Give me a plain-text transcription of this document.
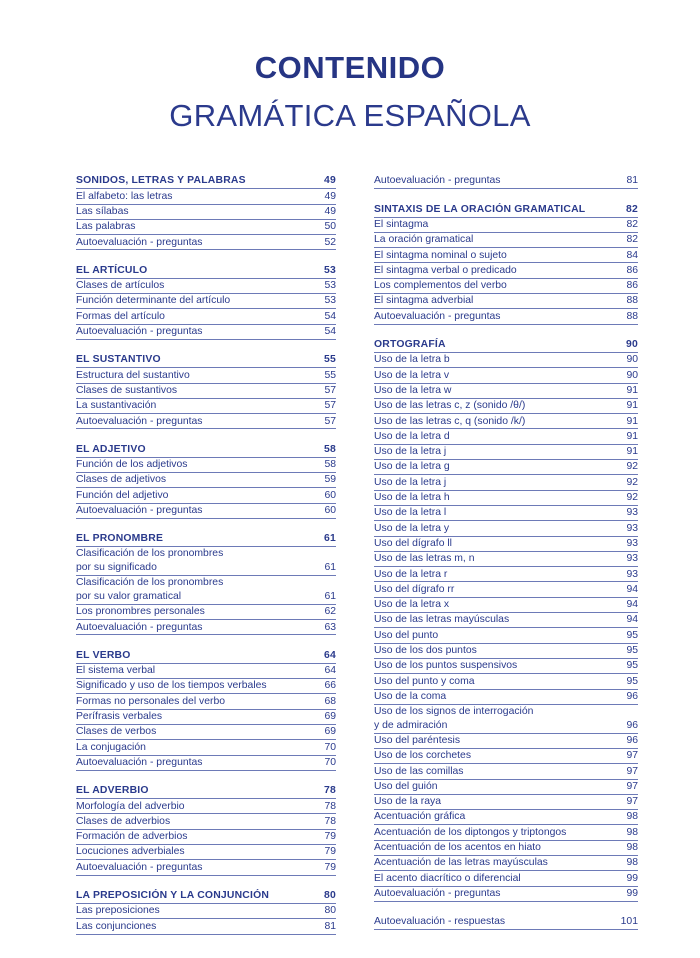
CONTENIDO
GRAMÁTICA ESPAÑOLA
SONIDOS, LETRAS Y PALABRAS	49
El alfabeto: las letras	49
Las sílabas	49
Las palabras	50
Autoevaluación - preguntas	52
EL ARTÍCULO	53
Clases de artículos	53
Función determinante del artículo	53
Formas del artículo	54
Autoevaluación - preguntas	54
EL SUSTANTIVO	55
Estructura del sustantivo	55
Clases de sustantivos	57
La sustantivación	57
Autoevaluación - preguntas	57
EL ADJETIVO	58
Función de los adjetivos	58
Clases de adjetivos	59
Función del adjetivo	60
Autoevaluación - preguntas	60
EL PRONOMBRE	61
Clasificación de los pronombres
por su significado	61
Clasificación de los pronombres
por su valor gramatical	61
Los pronombres personales	62
Autoevaluación - preguntas	63
EL VERBO	64
El sistema verbal	64
Significado y uso de los tiempos verbales	66
Formas no personales del verbo	68
Perífrasis verbales	69
Clases de verbos	69
La conjugación	70
Autoevaluación - preguntas	70
EL ADVERBIO	78
Morfología del adverbio	78
Clases de adverbios	78
Formación de adverbios	79
Locuciones adverbiales	79
Autoevaluación - preguntas	79
LA PREPOSICIÓN Y LA CONJUNCIÓN	80
Las preposiciones	80
Las conjunciones	81
Autoevaluación - preguntas	81
SINTAXIS DE LA ORACIÓN GRAMATICAL	82
El sintagma	82
La oración gramatical	82
El sintagma nominal o sujeto	84
El sintagma verbal o predicado	86
Los complementos del verbo	86
El sintagma adverbial	88
Autoevaluación - preguntas	88
ORTOGRAFÍA	90
Uso de la letra b	90
Uso de la letra v	90
Uso de la letra w	91
Uso de las letras c, z (sonido /θ/)	91
Uso de las letras c, q (sonido /k/)	91
Uso de la letra d	91
Uso de la letra j	91
Uso de la letra g	92
Uso de la letra j	92
Uso de la letra h	92
Uso de la letra l	93
Uso de la letra y	93
Uso del dígrafo ll	93
Uso de las letras m, n	93
Uso de la letra r	93
Uso del dígrafo rr	94
Uso de la letra x	94
Uso de las letras mayúsculas	94
Uso del punto	95
Uso de los dos puntos	95
Uso de los puntos suspensivos	95
Uso del punto y coma	95
Uso de la coma	96
Uso de los signos de interrogación
y de admiración	96
Uso del paréntesis	96
Uso de los corchetes	97
Uso de las comillas	97
Uso del guión	97
Uso de la raya	97
Acentuación gráfica	98
Acentuación de los diptongos y triptongos	98
Acentuación de los acentos en hiato	98
Acentuación de las letras mayúsculas	98
El acento diacrítico o diferencial	99
Autoevaluación - preguntas	99
Autoevaluación - respuestas	101
